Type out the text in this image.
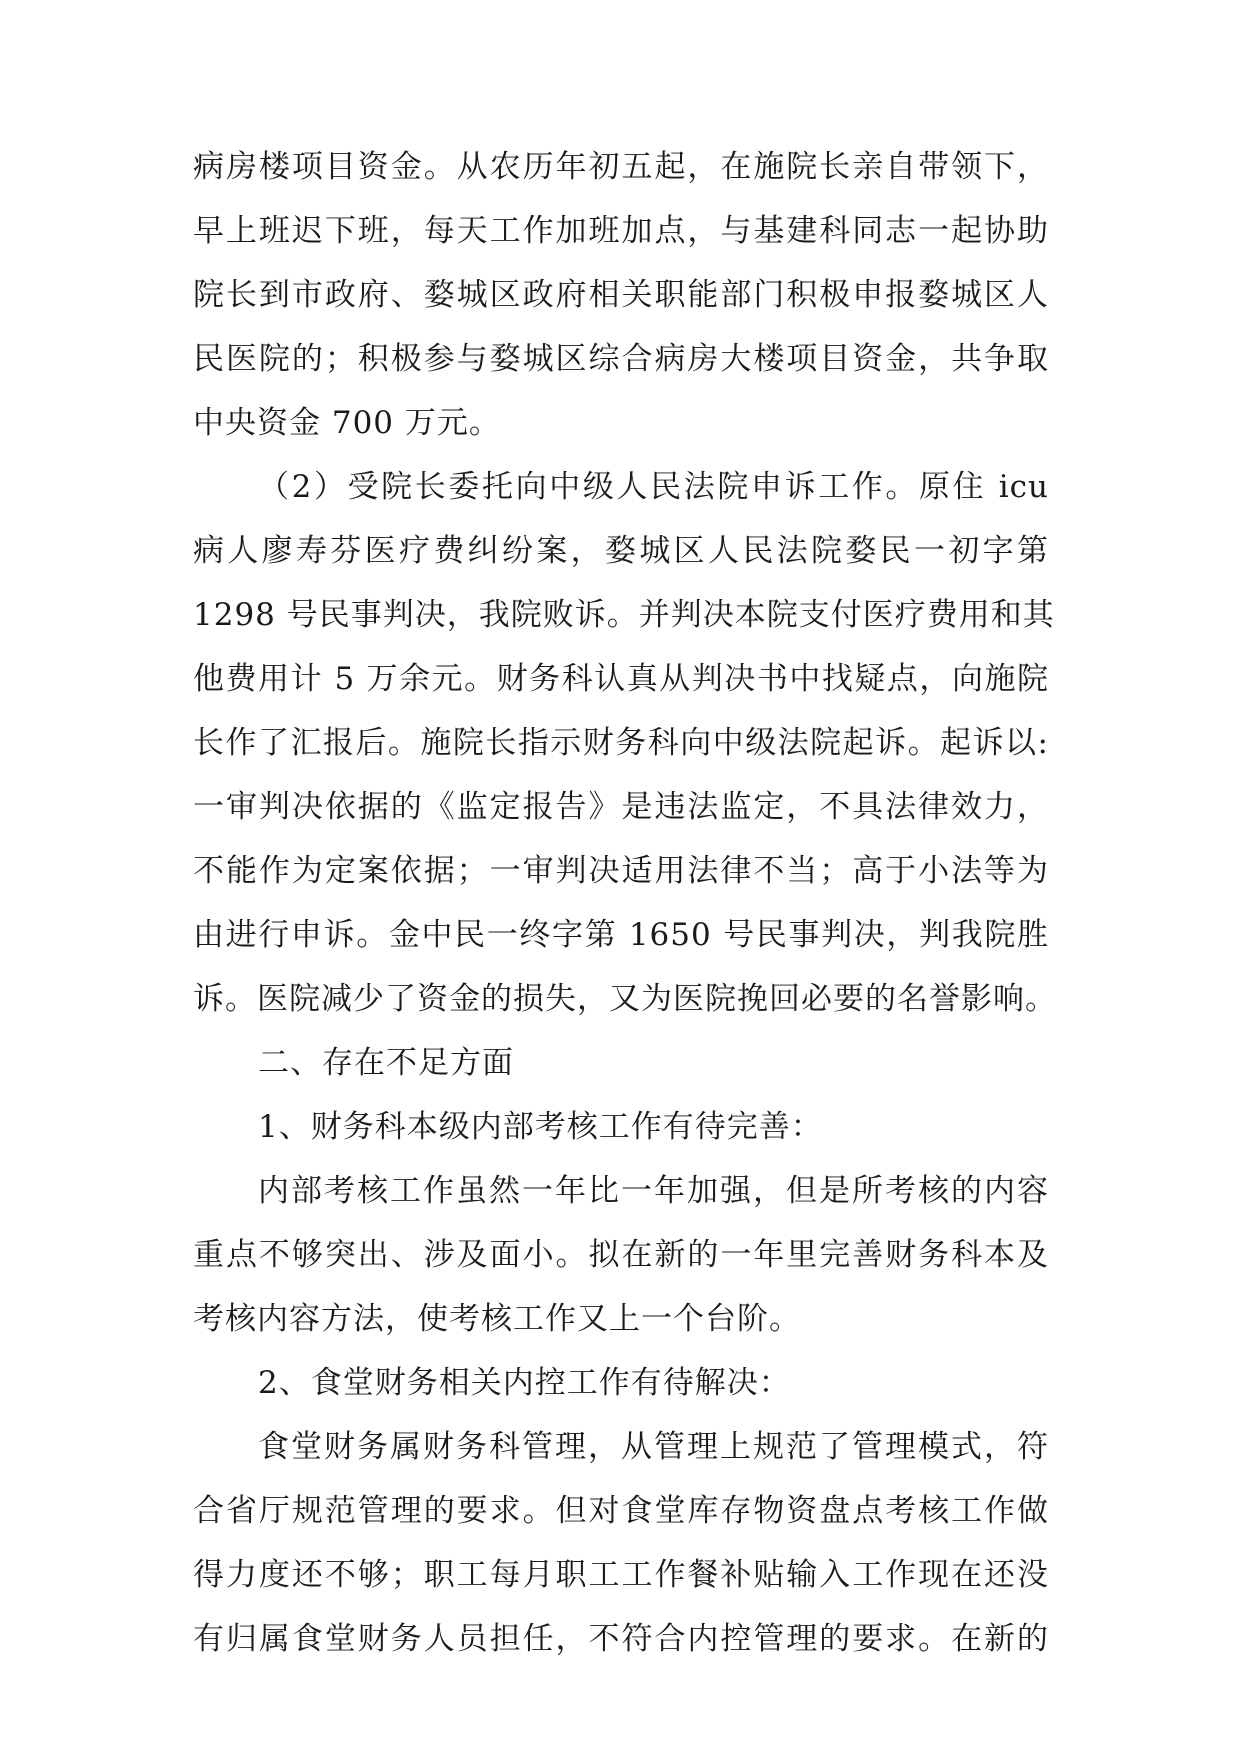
病房楼项目资金。从农历年初五起，在施院长亲自带领下，
早上班迟下班，每天工作加班加点，与基建科同志一起协助
院长到市政府、婺城区政府相关职能部门积极申报婺城区人
民医院的；积极参与婺城区综合病房大楼项目资金，共争取
中央资金 700 万元。
（2）受院长委托向中级人民法院申诉工作。原住 icu
病人廖寿芬医疗费纠纷案，婺城区人民法院婺民一初字第
1298 号民事判决，我院败诉。并判决本院支付医疗费用和其
他费用计 5 万余元。财务科认真从判决书中找疑点，向施院
长作了汇报后。施院长指示财务科向中级法院起诉。起诉以:
一审判决依据的《监定报告》是违法监定，不具法律效力，
不能作为定案依据；一审判决适用法律不当；高于小法等为
由进行申诉。金中民一终字第 1650 号民事判决，判我院胜
诉。医院减少了资金的损失，又为医院挽回必要的名誉影响。
二、存在不足方面
1、财务科本级内部考核工作有待完善：
内部考核工作虽然一年比一年加强，但是所考核的内容
重点不够突出、涉及面小。拟在新的一年里完善财务科本及
考核内容方法，使考核工作又上一个台阶。
2、食堂财务相关内控工作有待解决：
食堂财务属财务科管理，从管理上规范了管理模式，符
合省厅规范管理的要求。但对食堂库存物资盘点考核工作做
得力度还不够；职工每月职工工作餐补贴输入工作现在还没
有归属食堂财务人员担任，不符合内控管理的要求。在新的
